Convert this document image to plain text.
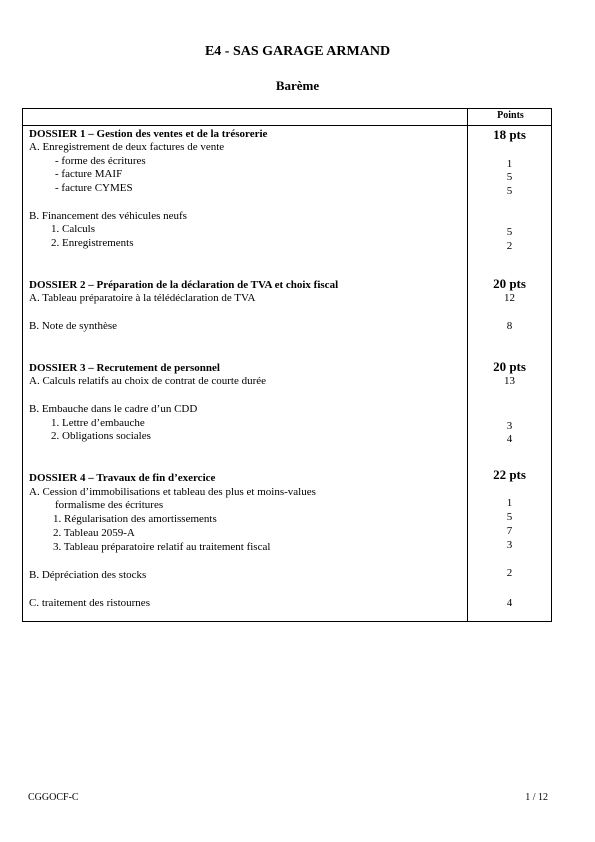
E4 - SAS GARAGE ARMAND
Barème
Points
DOSSIER 1 – Gestion des ventes et de la trésorerie	18 pts
A. Enregistrement de deux factures de vente
- forme des écritures	1
- facture MAIF	5
- facture CYMES	5
B. Financement des véhicules neufs
1. Calculs	5
2. Enregistrements	2
DOSSIER 2 – Préparation de la déclaration de TVA et choix fiscal	20 pts
A. Tableau préparatoire à la télédéclaration de TVA	12
B. Note de synthèse	8
DOSSIER 3 – Recrutement de personnel	20 pts
A. Calculs relatifs au choix de contrat de courte durée	13
B. Embauche dans le cadre d’un CDD
1. Lettre d’embauche	3
2. Obligations sociales	4
DOSSIER 4 – Travaux de fin d’exercice	22 pts
A. Cession d’immobilisations et tableau des plus et moins-values
formalisme des écritures	1
1. Régularisation des amortissements	5
2. Tableau 2059-A	7
3. Tableau préparatoire relatif au traitement fiscal	3
B. Dépréciation des stocks	2
C. traitement des ristournes	4
CGGOCF-C	1 / 12
